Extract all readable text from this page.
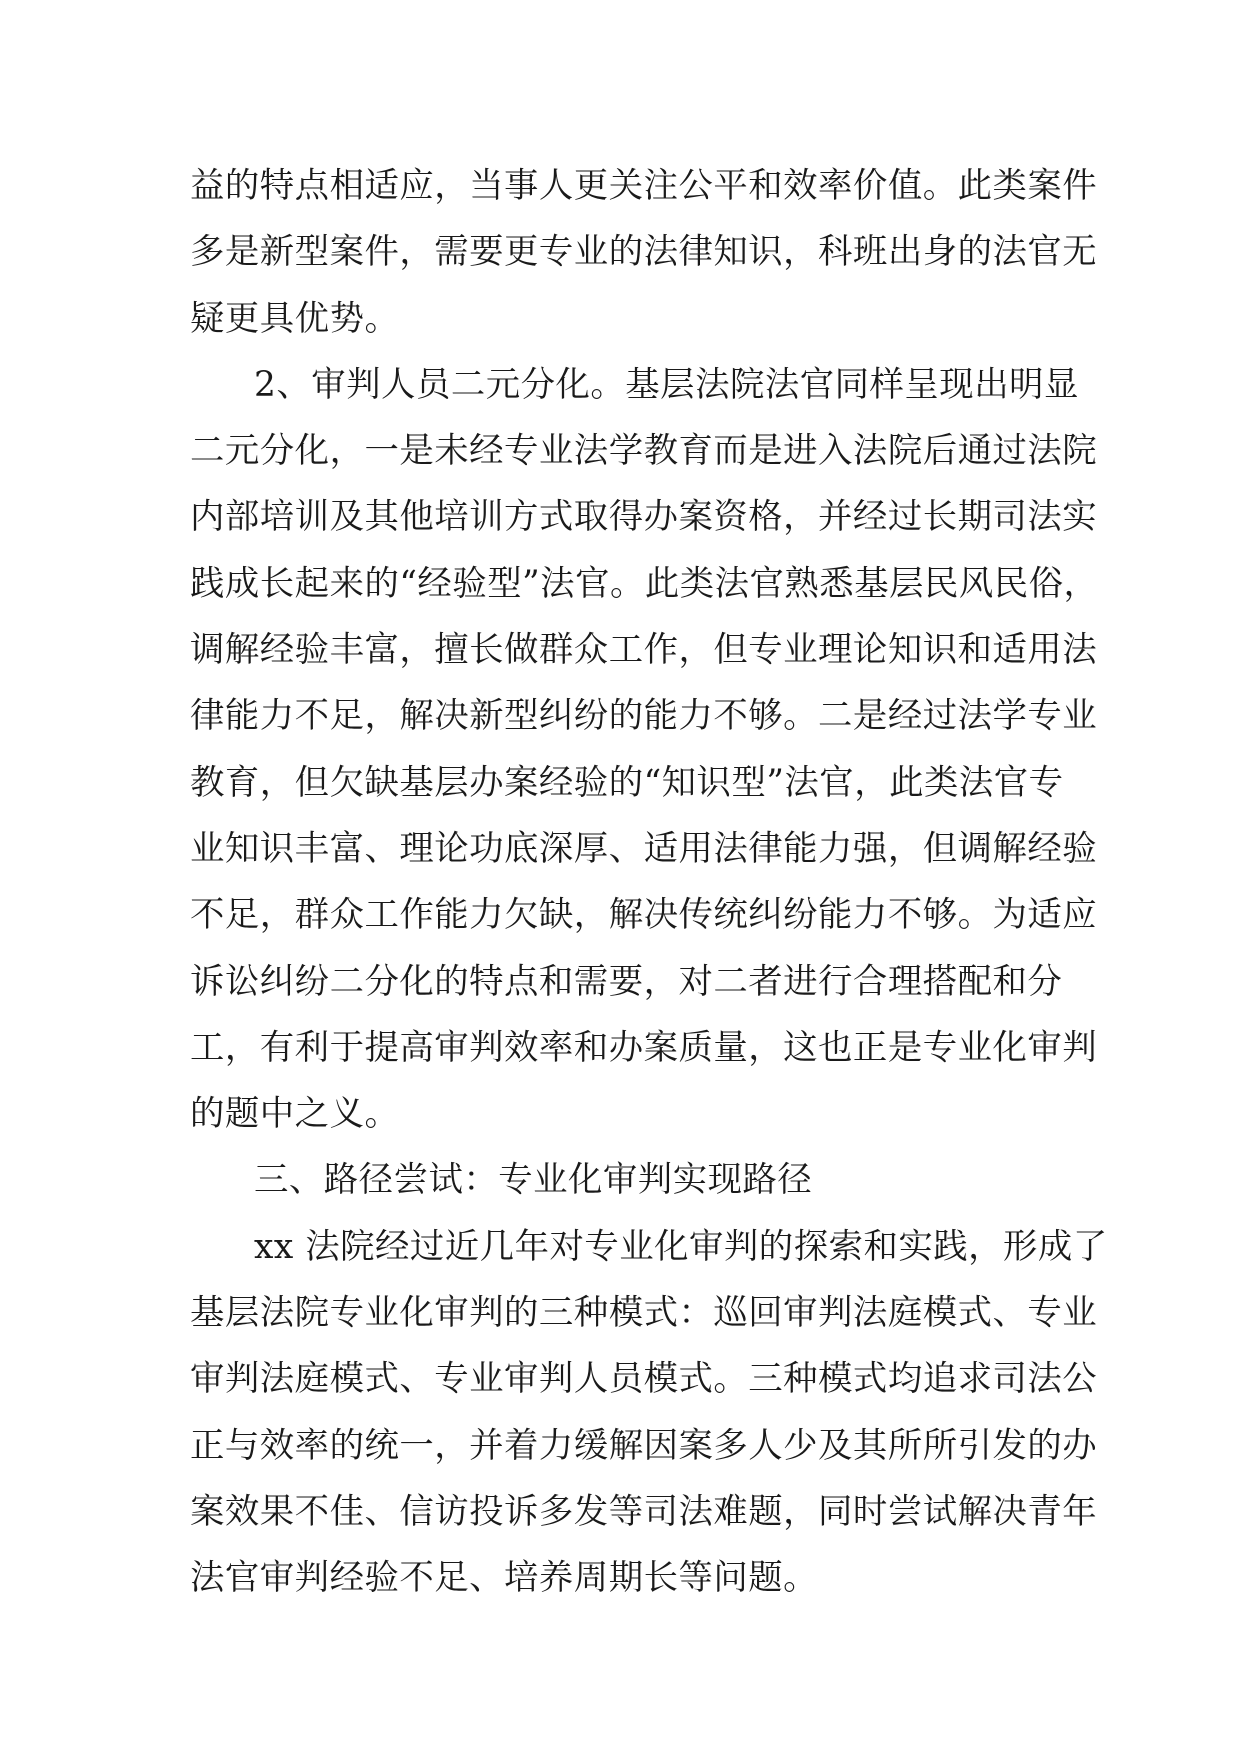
益的特点相适应，当事人更关注公平和效率价值。此类案件
多是新型案件，需要更专业的法律知识，科班出身的法官无
疑更具优势。
2、审判人员二元分化。基层法院法官同样呈现出明显
二元分化，一是未经专业法学教育而是进入法院后通过法院
内部培训及其他培训方式取得办案资格，并经过长期司法实
践成长起来的“经验型”法官。此类法官熟悉基层民风民俗，
调解经验丰富，擅长做群众工作，但专业理论知识和适用法
律能力不足，解决新型纠纷的能力不够。二是经过法学专业
教育，但欠缺基层办案经验的“知识型”法官，此类法官专
业知识丰富、理论功底深厚、适用法律能力强，但调解经验
不足，群众工作能力欠缺，解决传统纠纷能力不够。为适应
诉讼纠纷二分化的特点和需要，对二者进行合理搭配和分
工，有利于提高审判效率和办案质量，这也正是专业化审判
的题中之义。
三、路径尝试：专业化审判实现路径
xx 法院经过近几年对专业化审判的探索和实践，形成了
基层法院专业化审判的三种模式：巡回审判法庭模式、专业
审判法庭模式、专业审判人员模式。三种模式均追求司法公
正与效率的统一，并着力缓解因案多人少及其所所引发的办
案效果不佳、信访投诉多发等司法难题，同时尝试解决青年
法官审判经验不足、培养周期长等问题。
